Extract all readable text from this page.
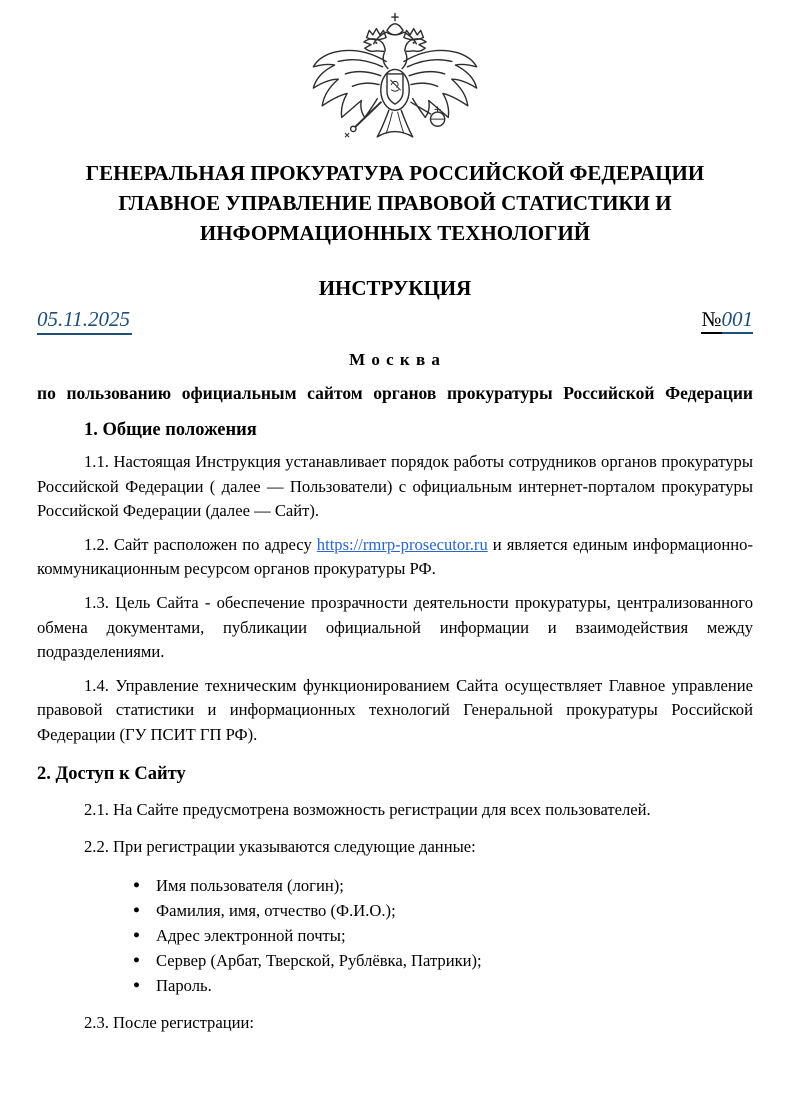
ГЕНЕРАЛЬНАЯ ПРОКУРАТУРА РОССИЙСКОЙ ФЕДЕРАЦИИ
ГЛАВНОЕ УПРАВЛЕНИЕ ПРАВОВОЙ СТАТИСТИКИ И
ИНФОРМАЦИОННЫХ ТЕХНОЛОГИЙ
ИНСТРУКЦИЯ
05.11.2025	№001
М о с к в а
по пользованию официальным сайтом органов прокуратуры Российской Федерации
1. Общие положения

1.1. Настоящая Инструкция устанавливает порядок работы сотрудников органов прокуратуры Российской Федерации ( далее — Пользователи) с официальным интернет-порталом прокуратуры Российской Федерации (далее — Сайт).

1.2. Сайт расположен по адресу https://rmrp-prosecutor.ru и является единым информационно-коммуникационным ресурсом органов прокуратуры РФ.

1.3. Цель Сайта - обеспечение прозрачности деятельности прокуратуры, централизованного обмена документами, публикации официальной информации и взаимодействия между подразделениями.

1.4. Управление техническим функционированием Сайта осуществляет Главное управление правовой статистики и информационных технологий Генеральной прокуратуры Российской Федерации (ГУ ПСИТ ГП РФ).

2. Доступ к Сайту

2.1. На Сайте предусмотрена возможность регистрации для всех пользователей.

2.2. При регистрации указываются следующие данные:

● Имя пользователя (логин);
● Фамилия, имя, отчество (Ф.И.О.);
● Адрес электронной почты;
● Сервер (Арбат, Тверской, Рублёвка, Патрики);
● Пароль.

2.3. После регистрации:
